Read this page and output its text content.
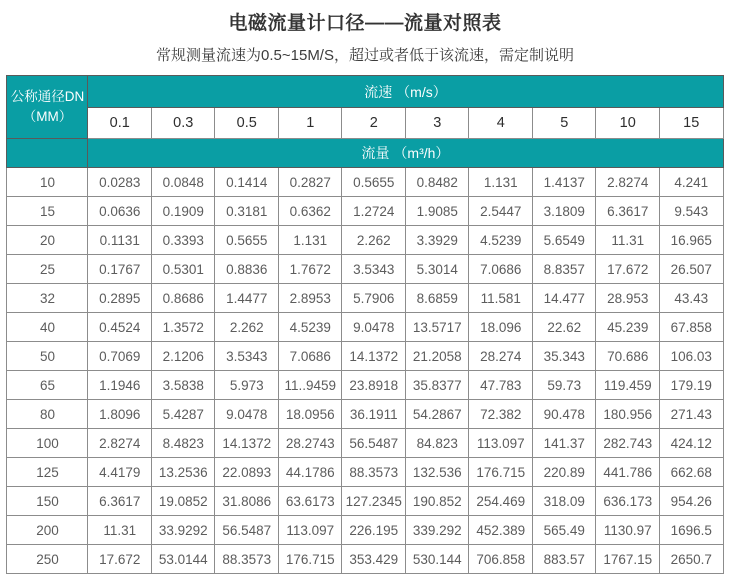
电磁流量计口径——流量对照表

常规测量流速为0.5~15M/S，超过或者低于该流速，需定制说明

公称通径DN
（MM）	流速 （m/s）									
	0.1	0.3	0.5	1	2	3	4	5	10	15
	流量 （m³/h）									
10	0.0283	0.0848	0.1414	0.2827	0.5655	0.8482	1.131	1.4137	2.8274	4.241
15	0.0636	0.1909	0.3181	0.6362	1.2724	1.9085	2.5447	3.1809	6.3617	9.543
20	0.1131	0.3393	0.5655	1.131	2.262	3.3929	4.5239	5.6549	11.31	16.965
25	0.1767	0.5301	0.8836	1.7672	3.5343	5.3014	7.0686	8.8357	17.672	26.507
32	0.2895	0.8686	1.4477	2.8953	5.7906	8.6859	11.581	14.477	28.953	43.43
40	0.4524	1.3572	2.262	4.5239	9.0478	13.5717	18.096	22.62	45.239	67.858
50	0.7069	2.1206	3.5343	7.0686	14.1372	21.2058	28.274	35.343	70.686	106.03
65	1.1946	3.5838	5.973	11..9459	23.8918	35.8377	47.783	59.73	119.459	179.19
80	1.8096	5.4287	9.0478	18.0956	36.1911	54.2867	72.382	90.478	180.956	271.43
100	2.8274	8.4823	14.1372	28.2743	56.5487	84.823	113.097	141.37	282.743	424.12
125	4.4179	13.2536	22.0893	44.1786	88.3573	132.536	176.715	220.89	441.786	662.68
150	6.3617	19.0852	31.8086	63.6173	127.2345	190.852	254.469	318.09	636.173	954.26
200	11.31	33.9292	56.5487	113.097	226.195	339.292	452.389	565.49	1130.97	1696.5
250	17.672	53.0144	88.3573	176.715	353.429	530.144	706.858	883.57	1767.15	2650.7
